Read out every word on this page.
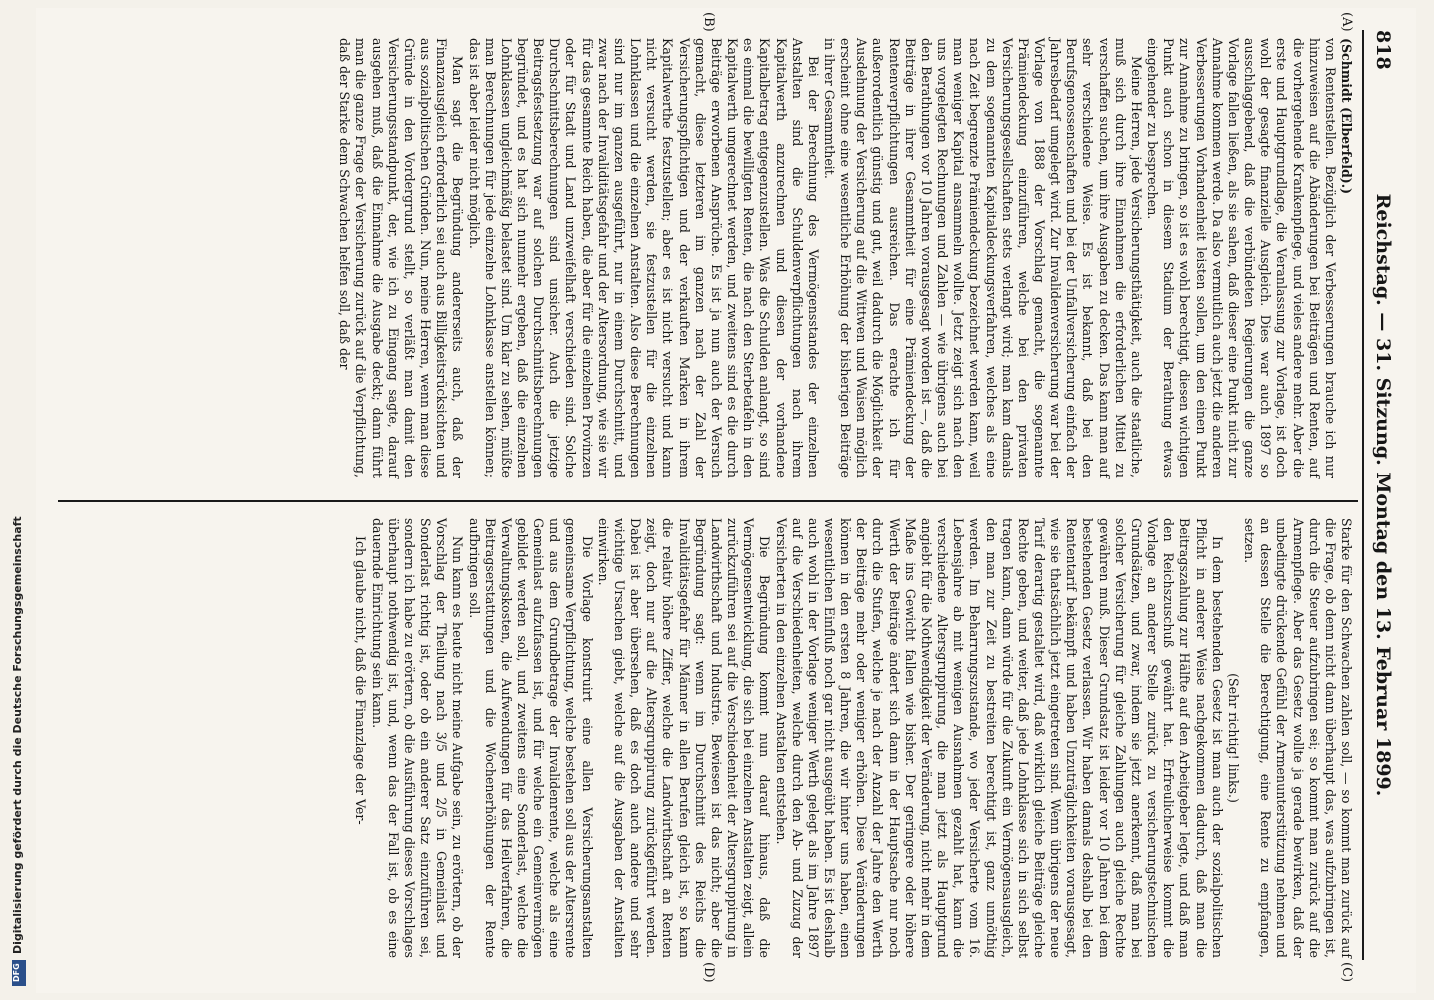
818
Reichstag. — 31. Sitzung. Montag den 13. Februar 1899.
(A)
(B)
(C)
(D)

(Schmidt (Elberfeld).)

von Rentenstellen. Bezüglich der Verbesserungen brauche ich nur hinzuweisen auf die Abänderungen bei Beiträgen und Renten, auf die vorhergehende Krankenpflege, und vieles andere mehr. Aber die erste und Hauptgrundlage, die Veranlassung zur Vorlage, ist doch wohl der gesagte finanzielle Ausgleich. Dies war auch 1897 so ausschlaggebend, daß die verbündeten Regierungen die ganze Vorlage fallen ließen, als sie sahen, daß dieser eine Punkt nicht zur Annahme kommen werde. Da also vermutlich auch jetzt die anderen Verbesserungen Vorhandenheit leisten sollen, um den einen Punkt zur Annahme zu bringen, so ist es wohl berechtigt, diesen wichtigen Punkt auch schon in diesem Stadium der Berathung etwas eingehender zu besprechen.

Meine Herren, jede Versicherungsthätigkeit, auch die staatliche, muß sich durch ihre Einnahmen die erforderlichen Mittel zu verschaffen suchen, um ihre Ausgaben zu decken. Das kann man auf sehr verschiedene Weise. Es ist bekannt, daß bei den Berufsgenossenschaften und bei der Unfallversicherung einfach der Jahresbedarf umgelegt wird. Zur Invalidenversicherung war bei der Vorlage von 1888 der Vorschlag gemacht, die sogenannte Prämiendeckung einzuführen, welche bei den privaten Versicherungsgesellschaften stets verlangt wird; man kam damals zu dem sogenannten Kapitaldeckungsverfahren, welches als eine nach Zeit begrenzte Prämiendeckung bezeichnet werden kann, weil man weniger Kapital ansammeln wollte. Jetzt zeigt sich nach den uns vorgelegten Rechnungen und Zahlen — wie übrigens auch bei den Berathungen vor 10 Jahren vorausgesagt worden ist —, daß die Beiträge in ihrer Gesammtheit für eine Prämiendeckung der Rentenverpflichtungen ausreichen. Das erachte ich für außerordentlich günstig und gut, weil dadurch die Möglichkeit der Ausdehnung der Versicherung auf die Wittwen und Waisen möglich erscheint ohne eine wesentliche Erhöhung der bisherigen Beiträge in ihrer Gesammtheit.

Bei der Berechnung des Vermögensstandes der einzelnen Anstalten sind die Schuldenverpflichtungen nach ihrem Kapitalwerth anzurechnen und diesen der vorhandene Kapitalbetrag entgegenzustellen. Was die Schulden anlangt, so sind es einmal die bewilligten Renten, die nach den Sterbetafeln in den Kapitalwerth umgerechnet werden, und zweitens sind es die durch Beiträge erworbenen Ansprüche. Es ist ja nun auch der Versuch gemacht, diese letzteren im ganzen nach der Zahl der Versicherungspflichtigen und der verkauften Marken in ihrem Kapitalwerthe festzustellen; aber es ist nicht versucht und kann nicht versucht werden, sie festzustellen für die einzelnen Lohnklassen und die einzelnen Anstalten. Also diese Berechnungen sind nur im ganzen ausgeführt, nur in einem Durchschnitt, und zwar nach der Invaliditätsgefahr und der Altersordnung, wie sie wir für das gesammte Reich haben, die aber für die einzelnen Provinzen oder für Stadt und Land unzweifelhaft verschieden sind. Solche Durchschnittsberechnungen sind unsicher. Auch die jetzige Beitragsfestsetzung war auf solchen Durchschnittsberechnungen begründet, und es hat sich nunmehr ergeben, daß die einzelnen Lohnklassen ungleichmäßig belastet sind. Um klar zu sehen, müßte man Berechnungen für jede einzelne Lohnklasse anstellen können; das ist aber leider nicht möglich.

Man sagt die Begründung andererseits auch, daß der Finanzausgleich erforderlich sei auch aus Billigkeitsrücksichten und aus sozialpolitischen Gründen. Nun, meine Herren, wenn man diese Gründe in den Vordergrund stellt, so verläßt man damit den Versicherungsstandpunkt, der, wie ich zu Eingang sagte, darauf ausgehen muß, daß die Einnahme die Ausgabe deckt; dann führt man die ganze Frage der Versicherung zurück auf die Verpflichtung, daß der Starke dem Schwachen helfen soll, daß der

Starke für den Schwachen zahlen soll, — so kommt man zurück auf die Frage, ob denn nicht dann überhaupt das, was aufzubringen ist, durch die Steuer aufzubringen sei; so kommt man zurück auf die Armenpflege. Aber das Gesetz wollte ja gerade bewirken, daß der unbedingte drückende Gefühl der Armenunterstützung nehmen und an dessen Stelle die Berechtigung, eine Rente zu empfangen, setzen.

(Sehr richtig! links.)

In dem bestehenden Gesetz ist man auch der sozialpolitischen Pflicht in anderer Weise nachgekommen dadurch, daß man die Beitragszahlung zur Hälfte auf den Arbeitgeber legte, und daß man den Reichszuschuß gewährt hat. Erfreulicherweise kommt die Vorlage an anderer Stelle zurück zu versicherungstechnischen Grundsätzen, und zwar, indem sie jetzt anerkennt, daß man bei solcher Versicherung für gleiche Zahlungen auch gleiche Rechte gewähren muß. Dieser Grundsatz ist leider vor 10 Jahren bei dem bestehenden Gesetz verlassen. Wir haben damals deshalb bei den Rententarif bekämpft und haben Unzuträglichkeiten vorausgesagt, wie sie thatsächlich jetzt eingetreten sind. Wenn übrigens der neue Tarif derartig gestaltet wird, daß wirklich gleiche Beiträge gleiche Rechte geben, und weiter, daß jede Lohnklasse sich in sich selbst tragen kann, dann würde für die Zukunft ein Vermögensausgleich, den man zur Zeit zu bestreiten berechtigt ist, ganz unnöthig werden. Im Beharrungszustande, wo jeder Versicherte vom 16. Lebensjahre ab mit wenigen Ausnahmen gezahlt hat, kann die verschiedene Altersgruppirung, die man jetzt als Hauptgrund angiebt für die Nothwendigkeit der Veränderung, nicht mehr in dem Maße ins Gewicht fallen wie bisher. Der geringere oder höhere Werth der Beiträge ändert sich dann in der Hauptsache nur noch durch die Stufen, welche je nach der Anzahl der Jahre den Werth der Beiträge mehr oder weniger erhöhen. Diese Veränderungen können in den ersten 8 Jahren, die wir hinter uns haben, einen wesentlichen Einfluß noch gar nicht ausgeübt haben. Es ist deshalb auch wohl in der Vorlage weniger Werth gelegt als im Jahre 1897 auf die Verschiedenheiten, welche durch den Ab- und Zuzug der Versicherten in den einzelnen Anstalten entstehen.

Die Begründung kommt nun darauf hinaus, daß die Vermögensentwicklung, die sich bei einzelnen Anstalten zeigt, allein zurückzuführen sei auf die Verschiedenheit der Altersgruppirung in Landwirthschaft und Industrie. Bewiesen ist das nicht; aber die Begründung sagt: wenn im Durchschnitt des Reichs die Invaliditätsgefahr für Männer in allen Berufen gleich ist, so kann die relativ höhere Ziffer, welche die Landwirthschaft an Renten zeigt, doch nur auf die Altersgruppirung zurückgeführt werden. Dabei ist aber übersehen, daß es doch auch andere und sehr wichtige Ursachen giebt, welche auf die Ausgaben der Anstalten einwirken.

Die Vorlage konstruirt eine allen Versicherungsanstalten gemeinsame Verpflichtung, welche bestehen soll aus der Altersrente und aus dem Grundbetrage der Invalidenrente, welche als eine Gemeinlast aufzufassen ist, und für welche ein Gemeinvermögen gebildet werden soll, und zweitens eine Sonderlast, welche die Verwaltungskosten, die Aufwendungen für das Heilverfahren, die Beitragserstattungen und die Wochenerhöhungen der Rente aufbringen soll.

Nun kann es heute nicht meine Aufgabe sein, zu erörtern, ob der Vorschlag der Theilung nach 3/5 und 2/5 in Gemeinlast und Sonderlast richtig ist, oder ob ein anderer Satz einzuführen sei, sondern ich habe zu erörtern, ob die Ausführung dieses Vorschlages überhaupt nothwendig ist, und, wenn das der Fall ist, ob es eine dauernde Einrichtung sein kann.

Ich glaube nicht, daß die Finanzlage der Ver-

Digitalisierung gefördert durch die Deutsche Forschungsgemeinschaft
DFG
